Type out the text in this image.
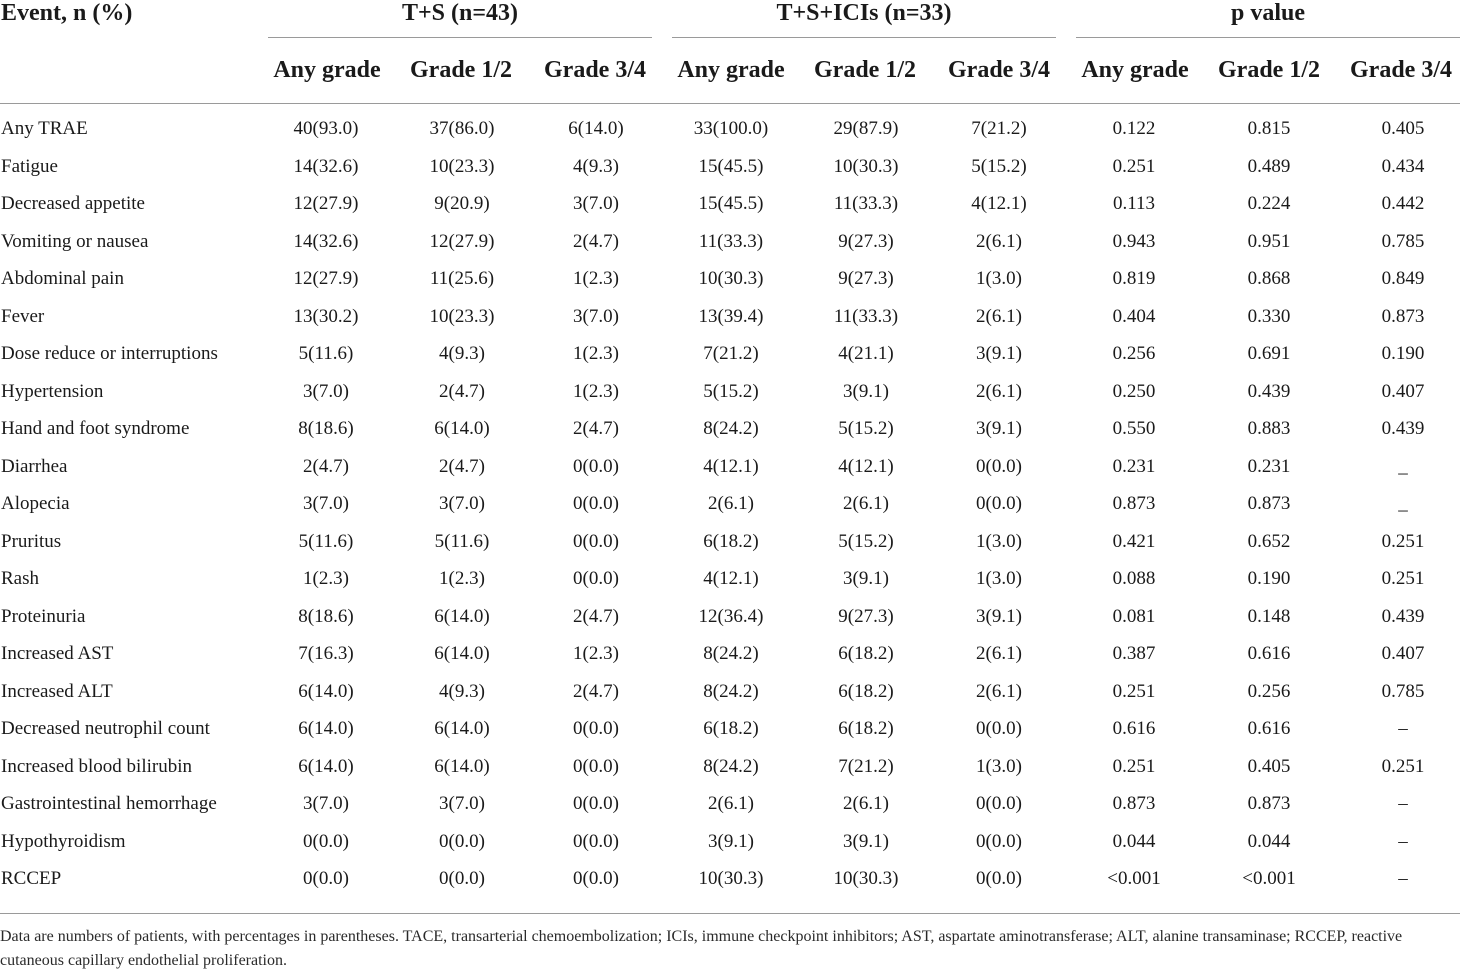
Event, n (%)	T+S (n=43)	T+S+ICIs (n=33)	p value
Any grade	Grade 1/2	Grade 3/4	Any grade	Grade 1/2	Grade 3/4	Any grade	Grade 1/2	Grade 3/4
Any TRAE	40(93.0)	37(86.0)	6(14.0)	33(100.0)	29(87.9)	7(21.2)	0.122	0.815	0.405
Fatigue	14(32.6)	10(23.3)	4(9.3)	15(45.5)	10(30.3)	5(15.2)	0.251	0.489	0.434
Decreased appetite	12(27.9)	9(20.9)	3(7.0)	15(45.5)	11(33.3)	4(12.1)	0.113	0.224	0.442
Vomiting or nausea	14(32.6)	12(27.9)	2(4.7)	11(33.3)	9(27.3)	2(6.1)	0.943	0.951	0.785
Abdominal pain	12(27.9)	11(25.6)	1(2.3)	10(30.3)	9(27.3)	1(3.0)	0.819	0.868	0.849
Fever	13(30.2)	10(23.3)	3(7.0)	13(39.4)	11(33.3)	2(6.1)	0.404	0.330	0.873
Dose reduce or interruptions	5(11.6)	4(9.3)	1(2.3)	7(21.2)	4(21.1)	3(9.1)	0.256	0.691	0.190
Hypertension	3(7.0)	2(4.7)	1(2.3)	5(15.2)	3(9.1)	2(6.1)	0.250	0.439	0.407
Hand and foot syndrome	8(18.6)	6(14.0)	2(4.7)	8(24.2)	5(15.2)	3(9.1)	0.550	0.883	0.439
Diarrhea	2(4.7)	2(4.7)	0(0.0)	4(12.1)	4(12.1)	0(0.0)	0.231	0.231	_
Alopecia	3(7.0)	3(7.0)	0(0.0)	2(6.1)	2(6.1)	0(0.0)	0.873	0.873	_
Pruritus	5(11.6)	5(11.6)	0(0.0)	6(18.2)	5(15.2)	1(3.0)	0.421	0.652	0.251
Rash	1(2.3)	1(2.3)	0(0.0)	4(12.1)	3(9.1)	1(3.0)	0.088	0.190	0.251
Proteinuria	8(18.6)	6(14.0)	2(4.7)	12(36.4)	9(27.3)	3(9.1)	0.081	0.148	0.439
Increased AST	7(16.3)	6(14.0)	1(2.3)	8(24.2)	6(18.2)	2(6.1)	0.387	0.616	0.407
Increased ALT	6(14.0)	4(9.3)	2(4.7)	8(24.2)	6(18.2)	2(6.1)	0.251	0.256	0.785
Decreased neutrophil count	6(14.0)	6(14.0)	0(0.0)	6(18.2)	6(18.2)	0(0.0)	0.616	0.616	–
Increased blood bilirubin	6(14.0)	6(14.0)	0(0.0)	8(24.2)	7(21.2)	1(3.0)	0.251	0.405	0.251
Gastrointestinal hemorrhage	3(7.0)	3(7.0)	0(0.0)	2(6.1)	2(6.1)	0(0.0)	0.873	0.873	–
Hypothyroidism	0(0.0)	0(0.0)	0(0.0)	3(9.1)	3(9.1)	0(0.0)	0.044	0.044	–
RCCEP	0(0.0)	0(0.0)	0(0.0)	10(30.3)	10(30.3)	0(0.0)	<0.001	<0.001	–
Data are numbers of patients, with percentages in parentheses. TACE, transarterial chemoembolization; ICIs, immune checkpoint inhibitors; AST, aspartate aminotransferase; ALT, alanine transaminase; RCCEP, reactive cutaneous capillary endothelial proliferation.
